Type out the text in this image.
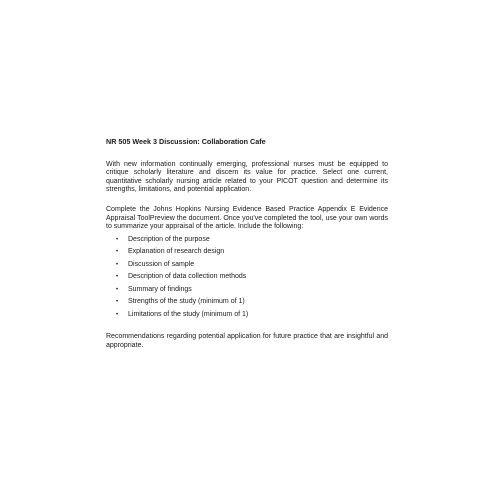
NR 505 Week 3 Discussion: Collaboration Cafe

With new information continually emerging, professional nurses must be equipped to critique scholarly literature and discern its value for practice. Select one current, quantitative scholarly nursing article related to your PICOT question and determine its strengths, limitations, and potential application.

Complete the Johns Hopkins Nursing Evidence Based Practice Appendix E Evidence Appraisal ToolPreview the document. Once you've completed the tool, use your own words to summarize your appraisal of the article. Include the following:

• Description of the purpose
• Explanation of research design
• Discussion of sample
• Description of data collection methods
• Summary of findings
• Strengths of the study (minimum of 1)
• Limitations of the study (minimum of 1)

Recommendations regarding potential application for future practice that are insightful and appropriate.
